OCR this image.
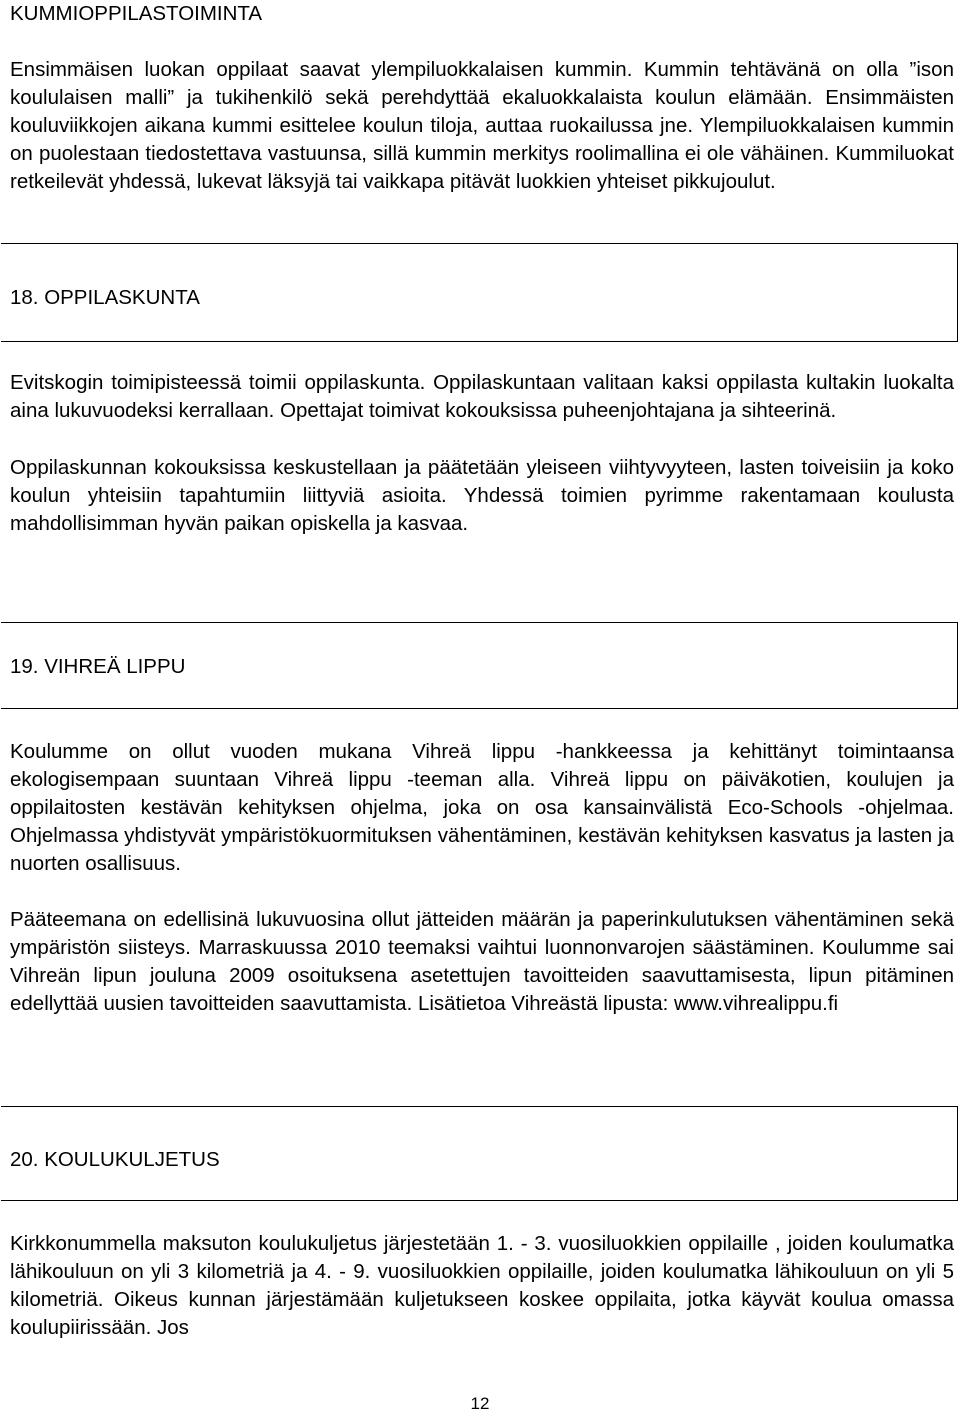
KUMMIOPPILASTOIMINTA

Ensimmäisen luokan oppilaat saavat ylempiluokkalaisen kummin. Kummin tehtävänä on olla ”ison koululaisen malli” ja tukihenkilö sekä perehdyttää ekaluokkalaista koulun elämään. Ensimmäisten kouluviikkojen aikana kummi esittelee koulun tiloja, auttaa ruokailussa jne. Ylempiluokkalaisen kummin on puolestaan tiedostettava vastuunsa, sillä kummin merkitys roolimallina ei ole vähäinen. Kummiluokat retkeilevät yhdessä, lukevat läksyjä tai vaikkapa pitävät luokkien yhteiset pikkujoulut.

18. OPPILASKUNTA

Evitskogin toimipisteessä toimii oppilaskunta. Oppilaskuntaan valitaan kaksi oppilasta kultakin luokalta aina lukuvuodeksi kerrallaan. Opettajat toimivat kokouksissa puheenjohtajana ja sihteerinä.

Oppilaskunnan kokouksissa keskustellaan ja päätetään yleiseen viihtyvyyteen, lasten toiveisiin ja koko koulun yhteisiin tapahtumiin liittyviä asioita. Yhdessä toimien pyrimme rakentamaan koulusta mahdollisimman hyvän paikan opiskella ja kasvaa.

19. VIHREÄ LIPPU

Koulumme on ollut vuoden mukana Vihreä lippu -hankkeessa ja kehittänyt toimintaansa ekologisempaan suuntaan Vihreä lippu -teeman alla. Vihreä lippu on päiväkotien, koulujen ja oppilaitosten kestävän kehityksen ohjelma, joka on osa kansainvälistä Eco-Schools -ohjelmaa. Ohjelmassa yhdistyvät ympäristökuormituksen vähentäminen, kestävän kehityksen kasvatus ja lasten ja nuorten osallisuus.

Pääteemana on edellisinä lukuvuosina ollut jätteiden määrän ja paperinkulutuksen vähentäminen sekä ympäristön siisteys. Marraskuussa 2010 teemaksi vaihtui luonnonvarojen säästäminen. Koulumme sai Vihreän lipun jouluna 2009 osoituksena asetettujen tavoitteiden saavuttamisesta, lipun pitäminen edellyttää uusien tavoitteiden saavuttamista. Lisätietoa Vihreästä lipusta: www.vihrealippu.fi

20. KOULUKULJETUS

Kirkkonummella maksuton koulukuljetus järjestetään 1. - 3. vuosiluokkien oppilaille , joiden koulumatka lähikouluun on yli 3 kilometriä ja 4. - 9. vuosiluokkien oppilaille, joiden koulumatka lähikouluun on yli 5 kilometriä. Oikeus kunnan järjestämään kuljetukseen koskee oppilaita, jotka käyvät koulua omassa koulupiirissään. Jos

12
